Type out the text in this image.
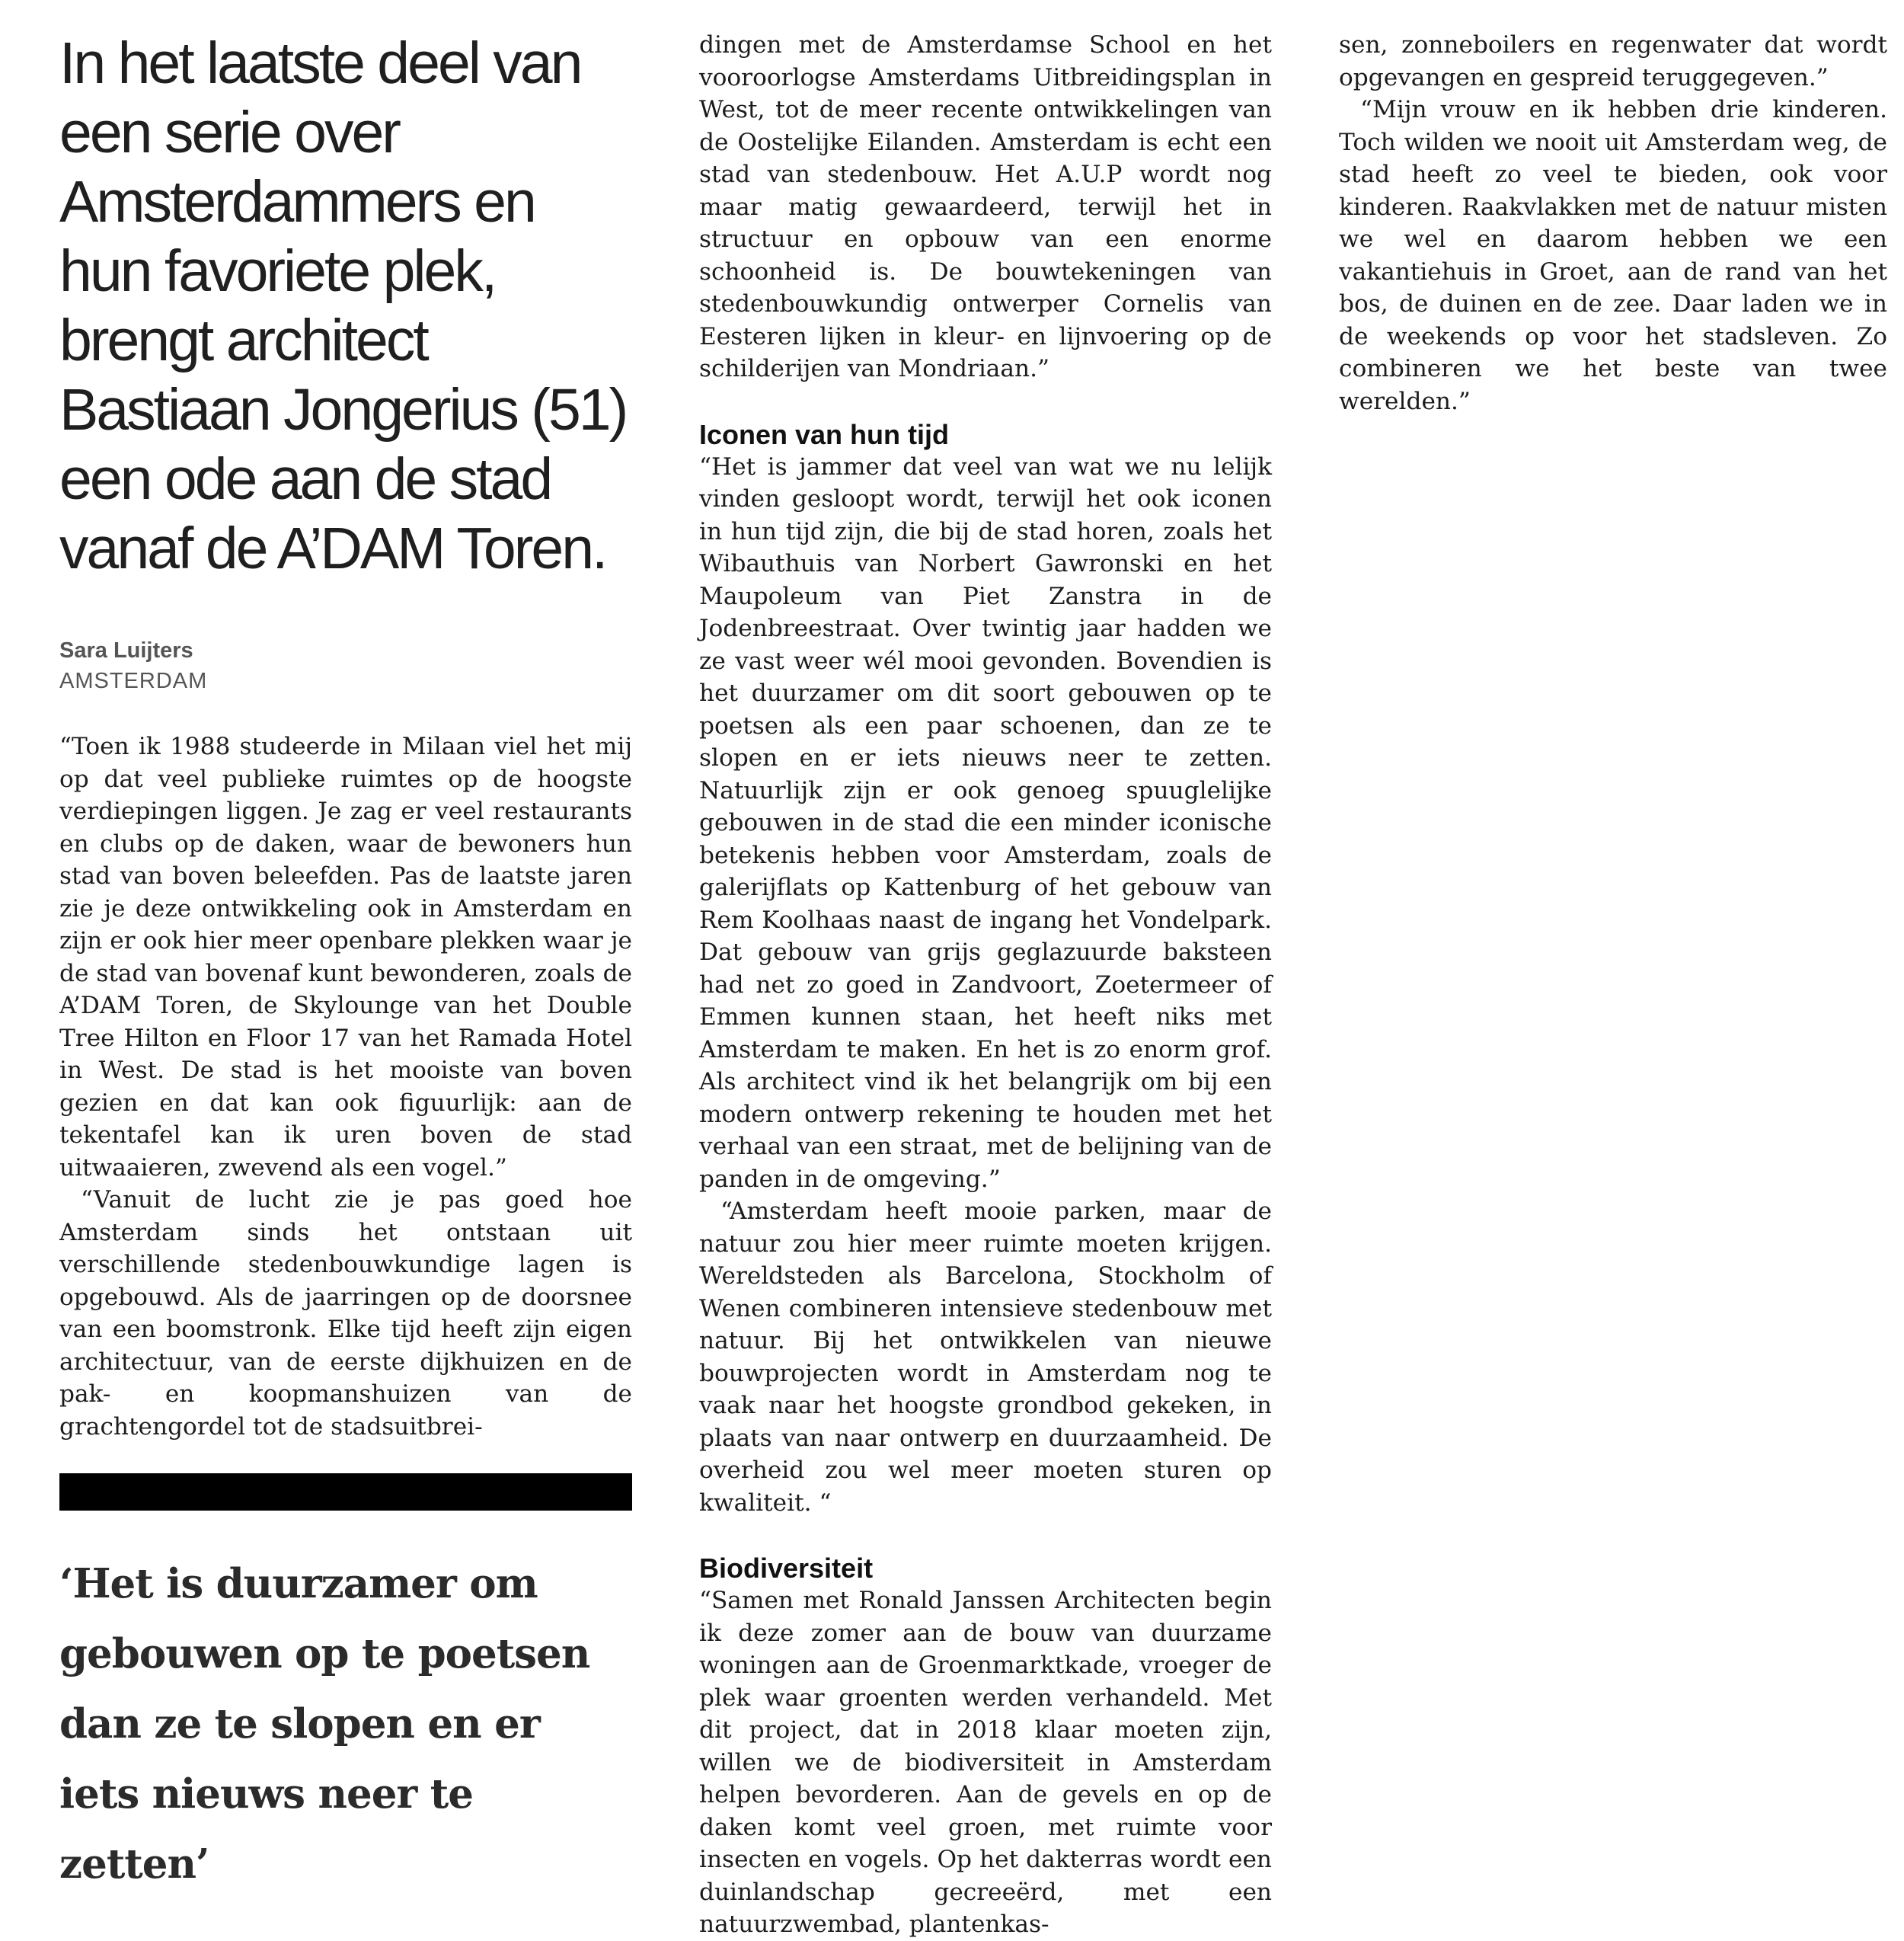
In het laatste deel van een serie over Amsterdammers en hun favoriete plek, brengt architect Bastiaan Jongerius (51) een ode aan de stad vanaf de A’DAM Toren.

Sara Luijters
AMSTERDAM

“Toen ik 1988 studeerde in Milaan viel het mij op dat veel publieke ruimtes op de hoogste verdiepingen liggen. Je zag er veel restaurants en clubs op de daken, waar de bewoners hun stad van boven beleefden. Pas de laatste jaren zie je deze ontwikkeling ook in Amsterdam en zijn er ook hier meer openbare plekken waar je de stad van bovenaf kunt bewonderen, zoals de A’DAM Toren, de Skylounge van het Double Tree Hilton en Floor 17 van het Ramada Hotel in West. De stad is het mooiste van boven gezien en dat kan ook figuurlijk: aan de tekentafel kan ik uren boven de stad uitwaaieren, zwevend als een vogel.”

“Vanuit de lucht zie je pas goed hoe Amsterdam sinds het ontstaan uit verschillende stedenbouwkundige lagen is opgebouwd. Als de jaarringen op de doorsnee van een boomstronk. Elke tijd heeft zijn eigen architectuur, van de eerste dijkhuizen en de pak- en koopmanshuizen van de grachtengordel tot de stadsuitbrei-

‘Het is duurzamer om gebouwen op te poetsen dan ze te slopen en er iets nieuws neer te zetten’

dingen met de Amsterdamse School en het vooroorlogse Amsterdams Uitbreidingsplan in West, tot de meer recente ontwikkelingen van de Oostelijke Eilanden. Amsterdam is echt een stad van stedenbouw. Het A.U.P wordt nog maar matig gewaardeerd, terwijl het in structuur en opbouw van een enorme schoonheid is. De bouwtekeningen van stedenbouwkundig ontwerper Cornelis van Eesteren lijken in kleur- en lijnvoering op de schilderijen van Mondriaan.”

Iconen van hun tijd

“Het is jammer dat veel van wat we nu lelijk vinden gesloopt wordt, terwijl het ook iconen in hun tijd zijn, die bij de stad horen, zoals het Wibauthuis van Norbert Gawronski en het Maupoleum van Piet Zanstra in de Jodenbreestraat. Over twintig jaar hadden we ze vast weer wél mooi gevonden. Bovendien is het duurzamer om dit soort gebouwen op te poetsen als een paar schoenen, dan ze te slopen en er iets nieuws neer te zetten. Natuurlijk zijn er ook genoeg spuuglelijke gebouwen in de stad die een minder iconische betekenis hebben voor Amsterdam, zoals de galerijflats op Kattenburg of het gebouw van Rem Koolhaas naast de ingang het Vondelpark. Dat gebouw van grijs geglazuurde baksteen had net zo goed in Zandvoort, Zoetermeer of Emmen kunnen staan, het heeft niks met Amsterdam te maken. En het is zo enorm grof. Als architect vind ik het belangrijk om bij een modern ontwerp rekening te houden met het verhaal van een straat, met de belijning van de panden in de omgeving.”

“Amsterdam heeft mooie parken, maar de natuur zou hier meer ruimte moeten krijgen. Wereldsteden als Barcelona, Stockholm of Wenen combineren intensieve stedenbouw met natuur. Bij het ontwikkelen van nieuwe bouwprojecten wordt in Amsterdam nog te vaak naar het hoogste grondbod gekeken, in plaats van naar ontwerp en duurzaamheid. De overheid zou wel meer moeten sturen op kwaliteit. “

Biodiversiteit

“Samen met Ronald Janssen Architecten begin ik deze zomer aan de bouw van duurzame woningen aan de Groenmarktkade, vroeger de plek waar groenten werden verhandeld. Met dit project, dat in 2018 klaar moeten zijn, willen we de biodiversiteit in Amsterdam helpen bevorderen. Aan de gevels en op de daken komt veel groen, met ruimte voor insecten en vogels. Op het dakterras wordt een duinlandschap gecreeërd, met een natuurzwembad, plantenkas-

sen, zonneboilers en regenwater dat wordt opgevangen en gespreid teruggegeven.”

“Mijn vrouw en ik hebben drie kinderen. Toch wilden we nooit uit Amsterdam weg, de stad heeft zo veel te bieden, ook voor kinderen. Raakvlakken met de natuur misten we wel en daarom hebben we een vakantiehuis in Groet, aan de rand van het bos, de duinen en de zee. Daar laden we in de weekends op voor het stadsleven. Zo combineren we het beste van twee werelden.”
